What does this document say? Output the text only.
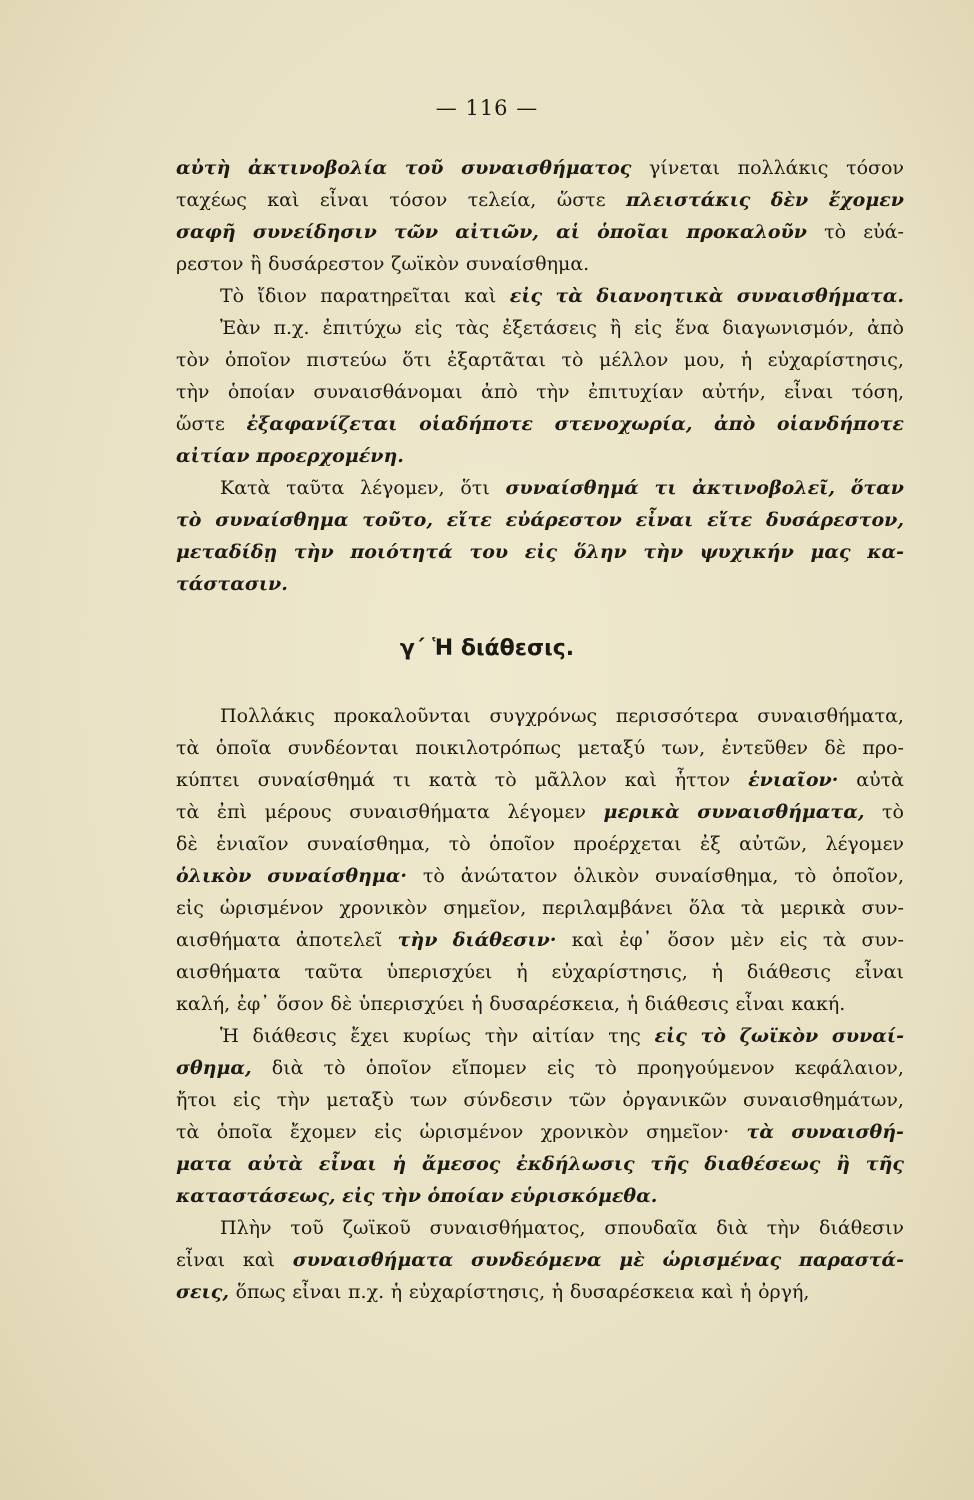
— 116 —
αὐτὴ ἀκτινοβολία τοῦ συναισθήματος γίνεται πολλάκις τόσον
ταχέως καὶ εἶναι τόσον τελεία, ὥστε πλειστάκις δὲν ἔχομεν
σαφῆ συνείδησιν τῶν αἰτιῶν, αἱ ὁποῖαι προκαλοῦν τὸ εὐά-
ρεστον ἢ δυσάρεστον ζωϊκὸν συναίσθημα.
Τὸ ἴδιον παρατηρεῖται καὶ εἰς τὰ διανοητικὰ συναισθήματα.
Ἐὰν π.χ. ἐπιτύχω εἰς τὰς ἐξετάσεις ἢ εἰς ἕνα διαγωνισμόν, ἀπὸ
τὸν ὁποῖον πιστεύω ὅτι ἐξαρτᾶται τὸ μέλλον μου, ἡ εὐχαρίστησις,
τὴν ὁποίαν συναισθάνομαι ἀπὸ τὴν ἐπιτυχίαν αὐτήν, εἶναι τόση,
ὥστε ἐξαφανίζεται οἱαδήποτε στενοχωρία, ἀπὸ οἱανδήποτε
αἰτίαν προερχομένη.
Κατὰ ταῦτα λέγομεν, ὅτι συναίσθημά τι ἀκτινοβολεῖ, ὅταν
τὸ συναίσθημα τοῦτο, εἴτε εὐάρεστον εἶναι εἴτε δυσάρεστον,
μεταδίδῃ τὴν ποιότητά του εἰς ὅλην τὴν ψυχικήν μας κα-
τάστασιν.
γ΄ Ἡ διάθεσις.
Πολλάκις προκαλοῦνται συγχρόνως περισσότερα συναισθήματα,
τὰ ὁποῖα συνδέονται ποικιλοτρόπως μεταξύ των, ἐντεῦθεν δὲ προ-
κύπτει συναίσθημά τι κατὰ τὸ μᾶλλον καὶ ἧττον ἑνιαῖον· αὐτὰ
τὰ ἐπὶ μέρους συναισθήματα λέγομεν μερικὰ συναισθήματα, τὸ
δὲ ἑνιαῖον συναίσθημα, τὸ ὁποῖον προέρχεται ἐξ αὐτῶν, λέγομεν
ὁλικὸν συναίσθημα· τὸ ἀνώτατον ὁλικὸν συναίσθημα, τὸ ὁποῖον,
εἰς ὡρισμένον χρονικὸν σημεῖον, περιλαμβάνει ὅλα τὰ μερικὰ συν-
αισθήματα ἀποτελεῖ τὴν διάθεσιν· καὶ ἐφ᾿ ὅσον μὲν εἰς τὰ συν-
αισθήματα ταῦτα ὑπερισχύει ἡ εὐχαρίστησις, ἡ διάθεσις εἶναι
καλή, ἐφ᾿ ὅσον δὲ ὑπερισχύει ἡ δυσαρέσκεια, ἡ διάθεσις εἶναι κακή.
Ἡ διάθεσις ἔχει κυρίως τὴν αἰτίαν της εἰς τὸ ζωϊκὸν συναί-
σθημα, διὰ τὸ ὁποῖον εἴπομεν εἰς τὸ προηγούμενον κεφάλαιον,
ἤτοι εἰς τὴν μεταξὺ των σύνδεσιν τῶν ὀργανικῶν συναισθημάτων,
τὰ ὁποῖα ἔχομεν εἰς ὡρισμένον χρονικὸν σημεῖον· τὰ συναισθή-
ματα αὐτὰ εἶναι ἡ ἄμεσος ἐκδήλωσις τῆς διαθέσεως ἢ τῆς
καταστάσεως, εἰς τὴν ὁποίαν εὑρισκόμεθα.
Πλὴν τοῦ ζωϊκοῦ συναισθήματος, σπουδαῖα διὰ τὴν διάθεσιν
εἶναι καὶ συναισθήματα συνδεόμενα μὲ ὡρισμένας παραστά-
σεις, ὅπως εἶναι π.χ. ἡ εὐχαρίστησις, ἡ δυσαρέσκεια καὶ ἡ ὀργή,
